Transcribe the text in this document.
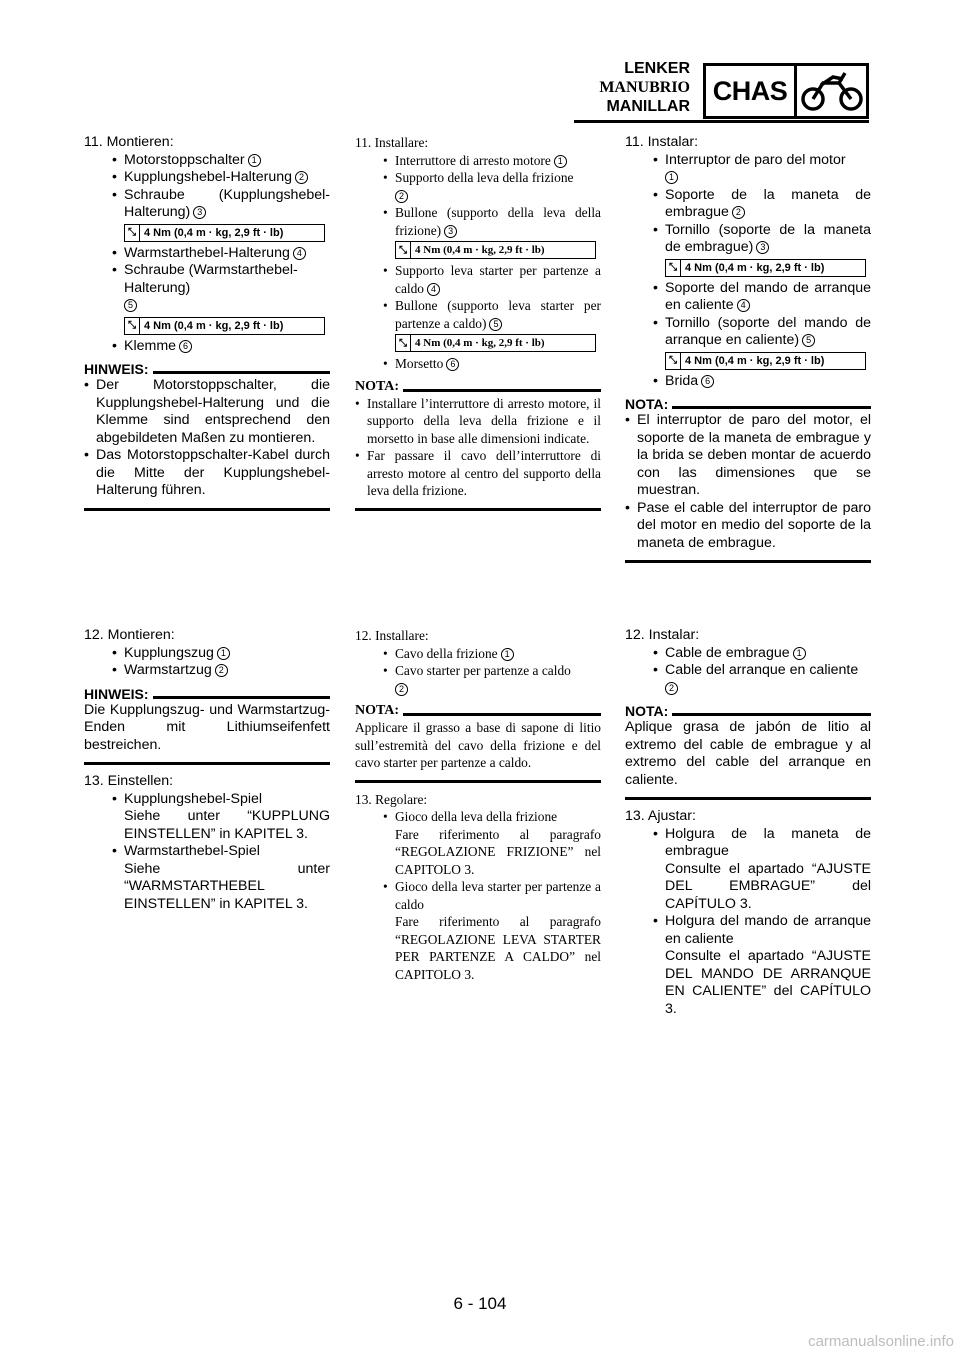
LENKER
MANUBRIO
MANILLAR
CHAS
11. Montieren:
• Motorstoppschalter 1
• Kupplungshebel-Halterung 2
• Schraube (Kupplungshebel-Halterung) 3
⤡ 4 Nm (0,4 m · kg, 2,9 ft · lb)
• Warmstarthebel-Halterung 4
• Schraube (Warmstarthebel-Halterung)
5
⤡ 4 Nm (0,4 m · kg, 2,9 ft · lb)
• Klemme 6
HINWEIS:
• Der Motorstoppschalter, die Kupplungshebel-Halterung und die Klemme sind entsprechend den abgebildeten Maßen zu montieren.
• Das Motorstoppschalter-Kabel durch die Mitte der Kupplungshebel-Halterung führen.
12. Montieren:
• Kupplungszug 1
• Warmstartzug 2
HINWEIS:
Die Kupplungszug- und Warmstartzug-Enden mit Lithiumseifenfett bestreichen.
13. Einstellen:
• Kupplungshebel-Spiel
Siehe unter “KUPPLUNG EINSTELLEN” in KAPITEL 3.
• Warmstarthebel-Spiel
Siehe unter “WARMSTARTHEBEL EINSTELLEN” in KAPITEL 3.
11. Installare:
• Interruttore di arresto motore 1
• Supporto della leva della frizione
2
• Bullone (supporto della leva della frizione) 3
⤡ 4 Nm (0,4 m · kg, 2,9 ft · lb)
• Supporto leva starter per partenze a caldo 4
• Bullone (supporto leva starter per partenze a caldo) 5
⤡ 4 Nm (0,4 m · kg, 2,9 ft · lb)
• Morsetto 6
NOTA:
• Installare l’interruttore di arresto motore, il supporto della leva della frizione e il morsetto in base alle dimensioni indicate.
• Far passare il cavo dell’interruttore di arresto motore al centro del supporto della leva della frizione.
12. Installare:
• Cavo della frizione 1
• Cavo starter per partenze a caldo
2
NOTA:
Applicare il grasso a base di sapone di litio sull’estremità del cavo della frizione e del cavo starter per partenze a caldo.
13. Regolare:
• Gioco della leva della frizione
Fare riferimento al paragrafo “REGOLAZIONE FRIZIONE” nel CAPITOLO 3.
• Gioco della leva starter per partenze a caldo
Fare riferimento al paragrafo “REGOLAZIONE LEVA STARTER PER PARTENZE A CALDO” nel CAPITOLO 3.
11. Instalar:
• Interruptor de paro del motor
1
• Soporte de la maneta de embrague 2
• Tornillo (soporte de la maneta de embrague) 3
⤡ 4 Nm (0,4 m · kg, 2,9 ft · lb)
• Soporte del mando de arranque en caliente 4
• Tornillo (soporte del mando de arranque en caliente) 5
⤡ 4 Nm (0,4 m · kg, 2,9 ft · lb)
• Brida 6
NOTA:
• El interruptor de paro del motor, el soporte de la maneta de embrague y la brida se deben montar de acuerdo con las dimensiones que se muestran.
• Pase el cable del interruptor de paro del motor en medio del soporte de la maneta de embrague.
12. Instalar:
• Cable de embrague 1
• Cable del arranque en caliente
2
NOTA:
Aplique grasa de jabón de litio al extremo del cable de embrague y al extremo del cable del arranque en caliente.
13. Ajustar:
• Holgura de la maneta de embrague
Consulte el apartado “AJUSTE DEL EMBRAGUE” del CAPÍTULO 3.
• Holgura del mando de arranque en caliente
Consulte el apartado “AJUSTE DEL MANDO DE ARRANQUE EN CALIENTE” del CAPÍTULO 3.
6 - 104
carmanualsonline.info
